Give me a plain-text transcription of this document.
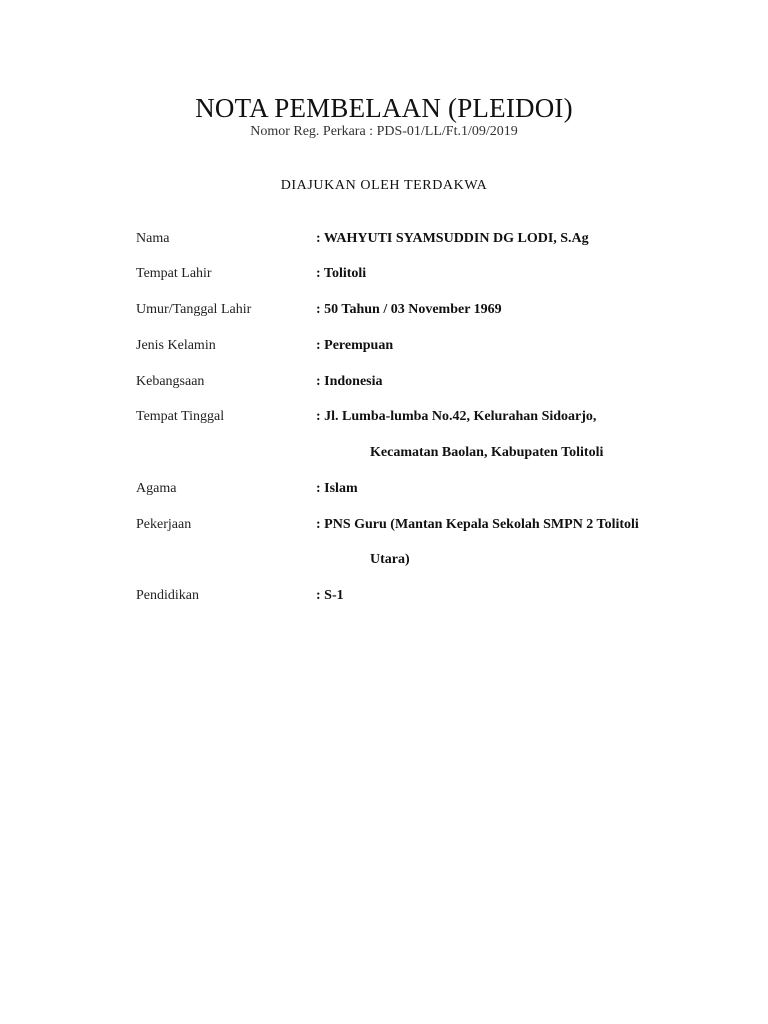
NOTA PEMBELAAN (PLEIDOI)
Nomor Reg. Perkara : PDS-01/LL/Ft.1/09/2019
DIAJUKAN OLEH TERDAKWA
Nama	: WAHYUTI SYAMSUDDIN DG LODI, S.Ag
Tempat Lahir	: Tolitoli
Umur/Tanggal Lahir	: 50 Tahun / 03 November 1969
Jenis Kelamin	: Perempuan
Kebangsaan	: Indonesia
Tempat Tinggal	: Jl. Lumba-lumba No.42, Kelurahan Sidoarjo,
Kecamatan Baolan, Kabupaten Tolitoli
Agama	: Islam
Pekerjaan	: PNS Guru (Mantan Kepala Sekolah SMPN 2 Tolitoli
Utara)
Pendidikan	: S-1
